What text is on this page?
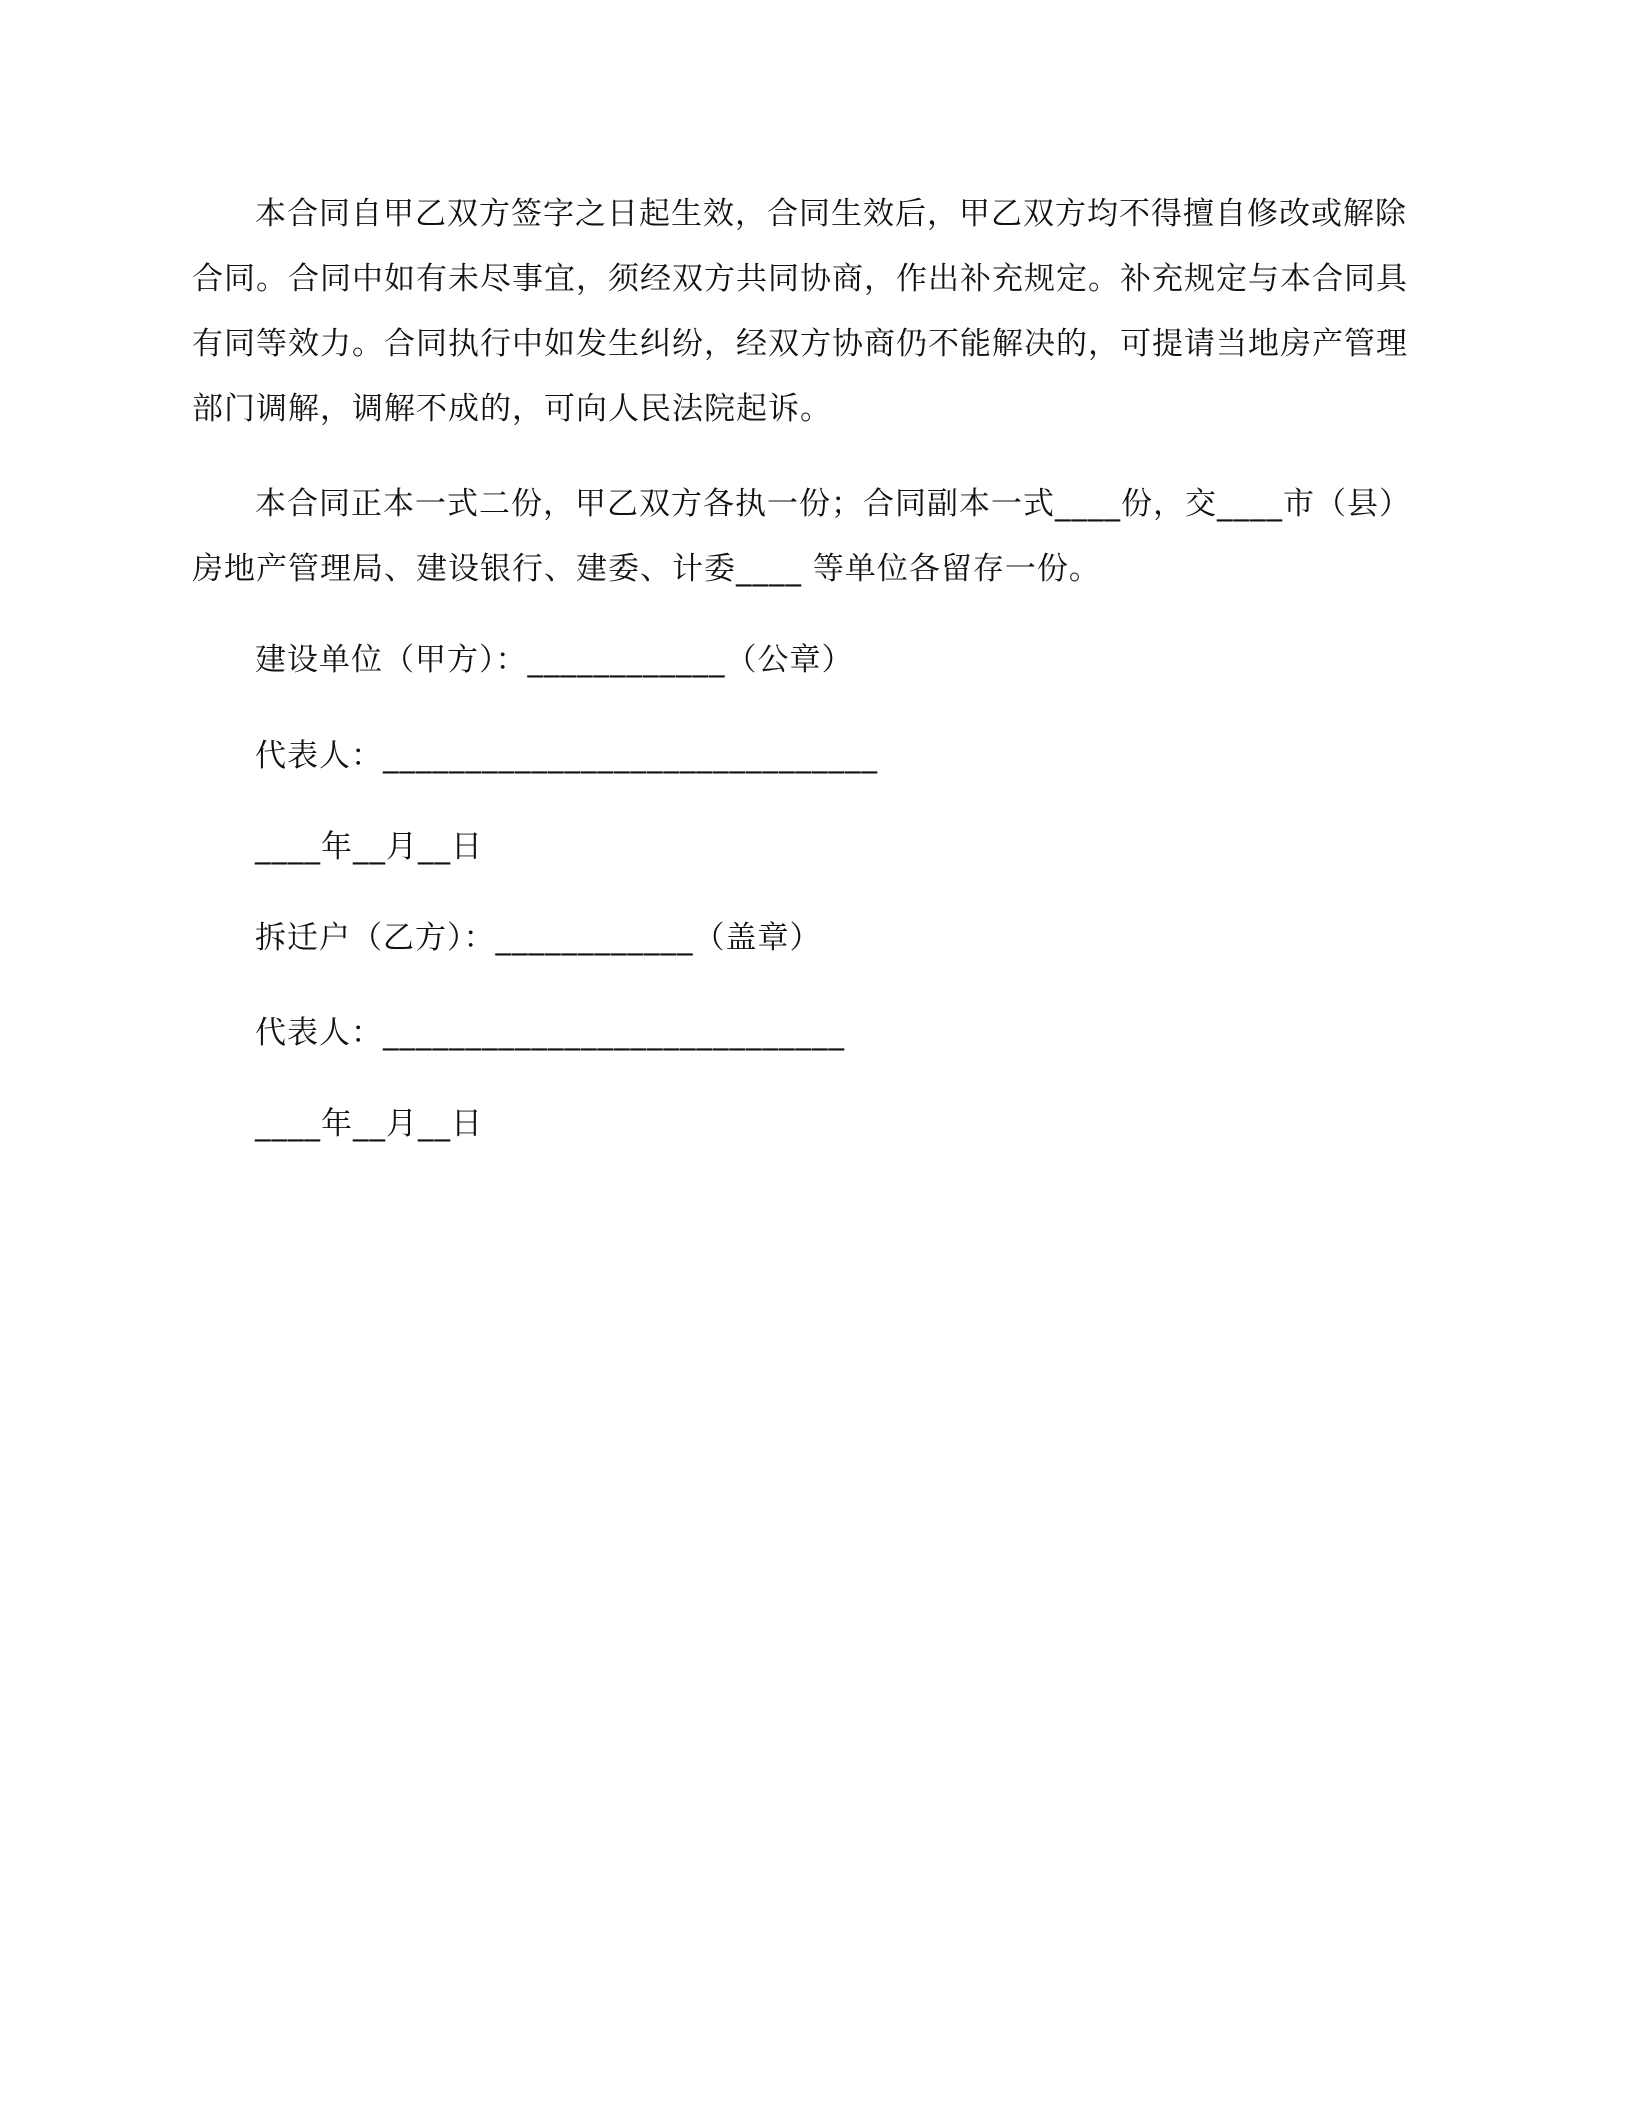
本合同自甲乙双方签字之日起生效，合同生效后，甲乙双方均不得擅自修改或解除
合同。合同中如有未尽事宜，须经双方共同协商，作出补充规定。补充规定与本合同具
有同等效力。合同执行中如发生纠纷，经双方协商仍不能解决的，可提请当地房产管理
部门调解，调解不成的，可向人民法院起诉。
本合同正本一式二份，甲乙双方各执一份；合同副本一式____份，交____市（县）
房地产管理局、建设银行、建委、计委____ 等单位各留存一份。
建设单位（甲方）：____________（公章）
代表人：______________________________
____年__月__日
拆迁户（乙方）：____________（盖章）
代表人：____________________________
____年__月__日
